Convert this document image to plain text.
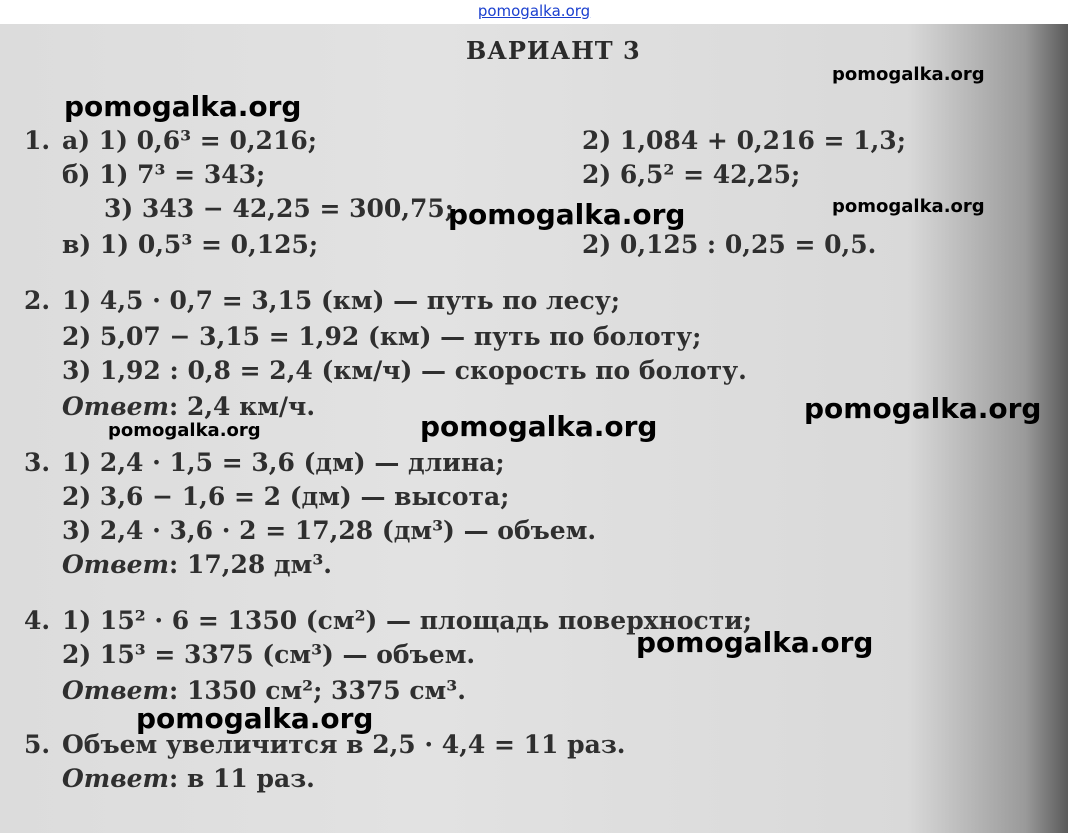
pomogalka.org
ВАРИАНТ 3
1. а) 1) 0,6³ = 0,216;	2) 1,084 + 0,216 = 1,3;
б) 1) 7³ = 343;	2) 6,5² = 42,25;
3) 343 − 42,25 = 300,75;
в) 1) 0,5³ = 0,125;	2) 0,125 : 0,25 = 0,5.
2. 1) 4,5 · 0,7 = 3,15 (км) — путь по лесу;
2) 5,07 − 3,15 = 1,92 (км) — путь по болоту;
3) 1,92 : 0,8 = 2,4 (км/ч) — скорость по болоту.
Ответ: 2,4 км/ч.
3. 1) 2,4 · 1,5 = 3,6 (дм) — длина;
2) 3,6 − 1,6 = 2 (дм) — высота;
3) 2,4 · 3,6 · 2 = 17,28 (дм³) — объем.
Ответ: 17,28 дм³.
4. 1) 15² · 6 = 1350 (см²) — площадь поверхности;
2) 15³ = 3375 (см³) — объем.
Ответ: 1350 см²; 3375 см³.
5. Объем увеличится в 2,5 · 4,4 = 11 раз.
Ответ: в 11 раз.
pomogalka.org
pomogalka.org
pomogalka.org
pomogalka.org
pomogalka.org
pomogalka.org	pomogalka.org
pomogalka.org
pomogalka.org
